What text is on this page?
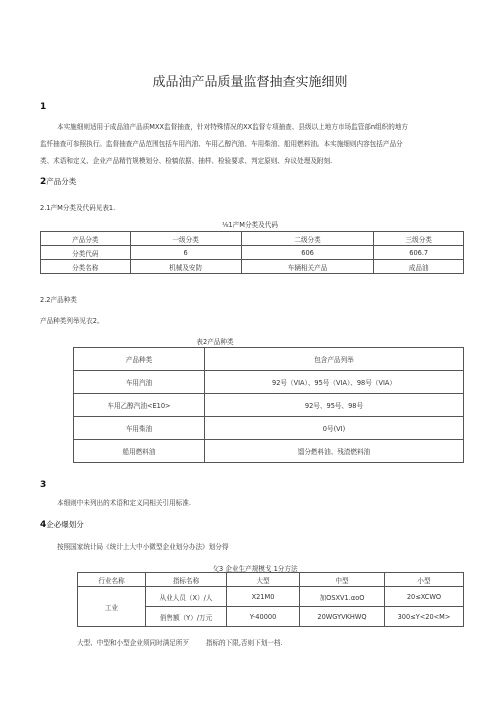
成品油产品质量监督抽查实施细则
1
本实施细则适用于成品油产品质MXX监督抽查，针对特殊情况的XX监督专项抽查、县级以上地方市场监管部n组织的地方
监忏抽查可参照执行。监督抽查产品范围包括车用汽油、车用乙醇汽油、车用柴油、船用燃料油。本实施细则内容包括产品分
类、术语和定义、企业产品精竹规模划分、检犒依据、抽样、检验要求、判定原则、弁议处理及附刻.
2产品分类
2.1产M分类及代码见表1.
⅛1产M分类及代码
产品分类	一级分类	二级分类	三级分类
分类代码	6	606	606.7
分类名称	机械及安防	车辆相关产品	成品油
2.2产品种类
产品种类列举见衣2。
表2产品种类
产品种类	包含产品列举
车用汽油	92号（VIA）、95号（VIA）、98号（VIA）
车用乙醇汽油<E10>	92号、95号、98号
车用柴油	0号(VI)
船用燃料油	馏分燃料油、残渣燃料油
3
本细则中未列出的术语和定义同相关引用标准.
4企必爆划分
按照国家统计局《统计上大中小微型企业划分办法》划分得
攵3 企业生产规模戈 1分方法
行业名称	指标名称	大型	中型	小型
工业	从业人员（X）/人	X21M0	加OSXV1.αoO	20≤XCWO
	俏售额（Y）/万元	Y-40000	20WGYVKHWQ	300≤Y<20<M>
大型、中型和小型企业须同时满足所歹        指标的下限,否则下划一档.
